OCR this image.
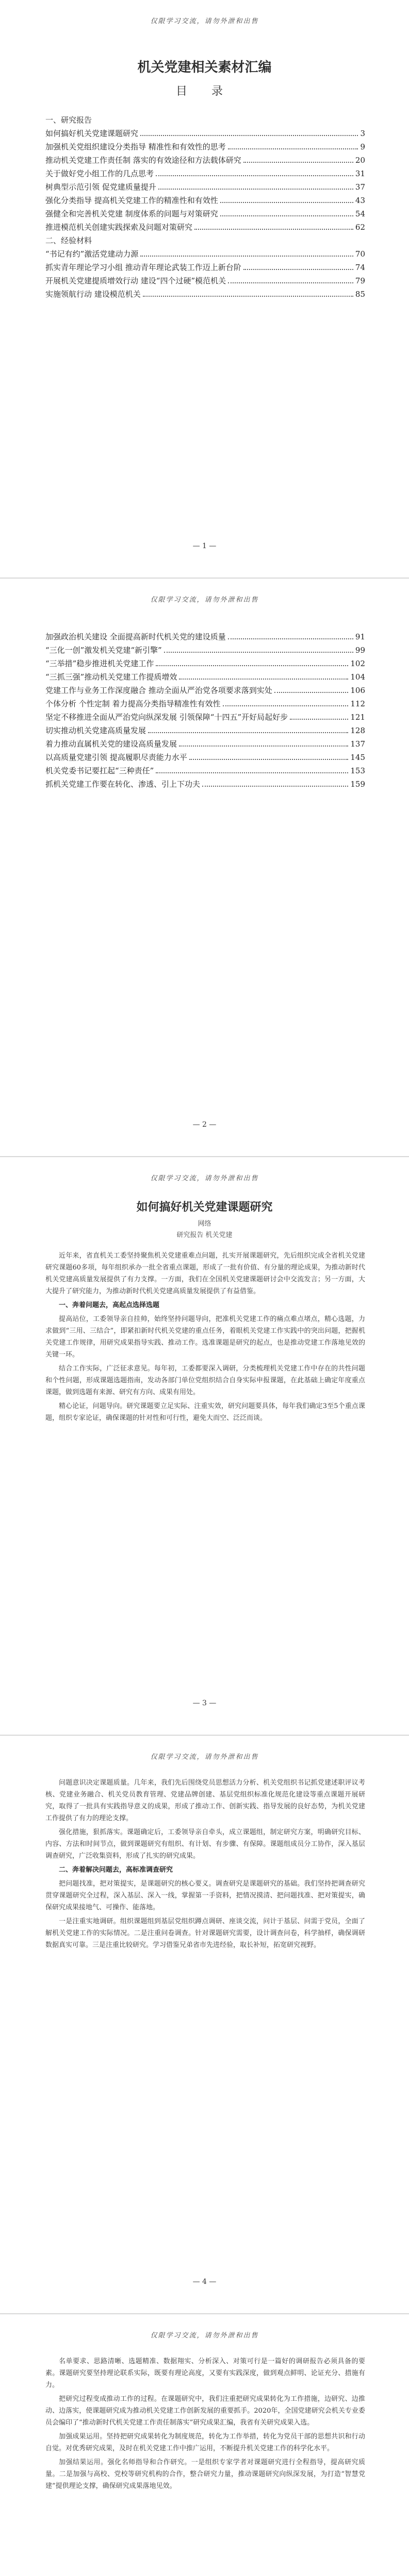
仅限学习交流，请勿外泄和出售
机关党建相关素材汇编
目 录
一、研究报告
如何搞好机关党建课题研究	3
加强机关党组织建设分类指导 精准性和有效性的思考	9
推动机关党建工作责任制 落实的有效途径和方法载体研究	20
关于做好党小组工作的几点思考	31
树典型示范引领 促党建质量提升	37
强化分类指导 提高机关党建工作的精准性和有效性	43
强健全和完善机关党建 制度体系的问题与对策研究	54
推进模范机关创建实践探索及问题对策研究	62
二、经验材料
“书记有约”激活党建动力源	70
抓实青年理论学习小组 推动青年理论武装工作迈上新台阶	74
开展机关党建提质增效行动 建设“四个过硬”模范机关	79
实施领航行动 建设模范机关	85
— 1 —
仅限学习交流，请勿外泄和出售
加强政治机关建设 全面提高新时代机关党的建设质量	91
“三化一创”激发机关党建“新引擎”	99
“三举措”稳步推进机关党建工作	102
“三抓三强”推动机关党建工作提质增效	104
党建工作与业务工作深度融合 推动全面从严治党各项要求落到实处	106
个体分析 个性定制 着力提高分类指导精准性有效性	112
坚定不移推进全面从严治党向纵深发展 引领保障“十四五”开好局起好步	121
切实推动机关党建高质量发展	128
着力推动直属机关党的建设高质量发展	137
以高质量党建引领 提高履职尽责能力水平	145
机关党委书记要扛起“三种责任”	153
抓机关党建工作要在转化、渗透、引上下功夫	159
— 2 —
仅限学习交流，请勿外泄和出售
如何搞好机关党建课题研究
网络
研究报告 机关党建

近年来，省直机关工委坚持聚焦机关党建重难点问题，扎实开展课题研究，先后组织完成全省机关党建研究课题60多项，每年组织承办一批全省重点课题，形成了一批有价值、有分量的理论成果，为推动新时代机关党建高质量发展提供了有力支撑。一方面，我们在全国机关党建课题研讨会中交流发言；另一方面，大大提升了研究能力，为推动新时代机关党建高质量发展提供了有益借鉴。

一、奔着问题去，高起点选择选题

提高站位，工委领导亲自挂帅，始终坚持问题导向，把准机关党建工作的痛点难点堵点，精心选题，力求做到“三用、三结合”，即紧扣新时代机关党建的重点任务，着眼机关党建工作实践中的突出问题，把握机关党建工作规律，用研究成果指导实践、推动工作。选准课题是研究的起点，也是推动党建工作落地见效的关键一环。

结合工作实际，广泛征求意见。每年初，工委都要深入调研，分类梳理机关党建工作中存在的共性问题和个性问题，形成课题选题指南，发动各部门单位党组织结合自身实际申报课题，在此基础上确定年度重点课题，做到选题有来源、研究有方向、成果有用处。

精心论证，问题导向。研究课题要立足实际、注重实效，研究问题要具体，每年我们确定3至5个重点课题，组织专家论证，确保课题的针对性和可行性，避免大而空、泛泛而谈。

— 3 —
仅限学习交流，请勿外泄和出售

问题意识决定课题质量。几年来，我们先后围绕党员思想活力分析、机关党组织书记抓党建述职评议考核、党建业务融合、机关党员教育管理、党建品牌创建、基层党组织标准化规范化建设等重点课题开展研究，取得了一批具有实践指导意义的成果，形成了推动工作、创新实践、指导发展的良好态势，为机关党建工作提供了有力的理论支撑。

强化措施，狠抓落实。课题确定后，工委领导亲自牵头，成立课题组，制定研究方案，明确研究目标、内容、方法和时间节点，做到课题研究有组织、有计划、有步骤、有保障。课题组成员分工协作，深入基层调查研究，广泛收集资料，形成了扎实的研究成果。

二、奔着解决问题去，高标准调查研究

把问题找准，把对策提实，是课题研究的核心要义。调查研究是课题研究的基础。我们坚持把调查研究贯穿课题研究全过程，深入基层、深入一线，掌握第一手资料，把情况摸清、把问题找准、把对策提实，确保研究成果接地气、可操作、能落地。

一是注重实地调研。组织课题组到基层党组织蹲点调研、座谈交流，问计于基层、问需于党员，全面了解机关党建工作的实际情况。二是注重问卷调查。针对课题研究需要，设计调查问卷，科学抽样，确保调研数据真实可靠。三是注重比较研究。学习借鉴兄弟省市先进经验，取长补短，拓宽研究视野。

— 4 —
仅限学习交流，请勿外泄和出售

名单要求、思路清晰、选题精准、数据翔实、分析深入、对策可行是一篇好的调研报告必须具备的要素。课题研究要坚持理论联系实际，既要有理论高度，又要有实践深度，做到观点鲜明、论证充分、措施有力。

把研究过程变成推动工作的过程。在课题研究中，我们注重把研究成果转化为工作措施，边研究、边推动、边落实，使课题研究成为推动机关党建工作创新发展的重要抓手。2020年，全国党建研究会机关专业委员会编印了“推动新时代机关党建工作责任制落实”研究成果汇编，我省有关研究成果入选。

加强成果运用。坚持把研究成果转化为制度规范，转化为工作举措，转化为党员干部的思想共识和行动自觉。对优秀研究成果，及时在机关党建工作中推广运用，不断提升机关党建工作的科学化水平。

加强结果运用。强化名师指导和合作研究。一是组织专家学者对课题研究进行全程指导，提高研究质量。二是加强与高校、党校等研究机构的合作，整合研究力量，推动课题研究向纵深发展，为打造“智慧党建”提供理论支撑，确保研究成果落地见效。
